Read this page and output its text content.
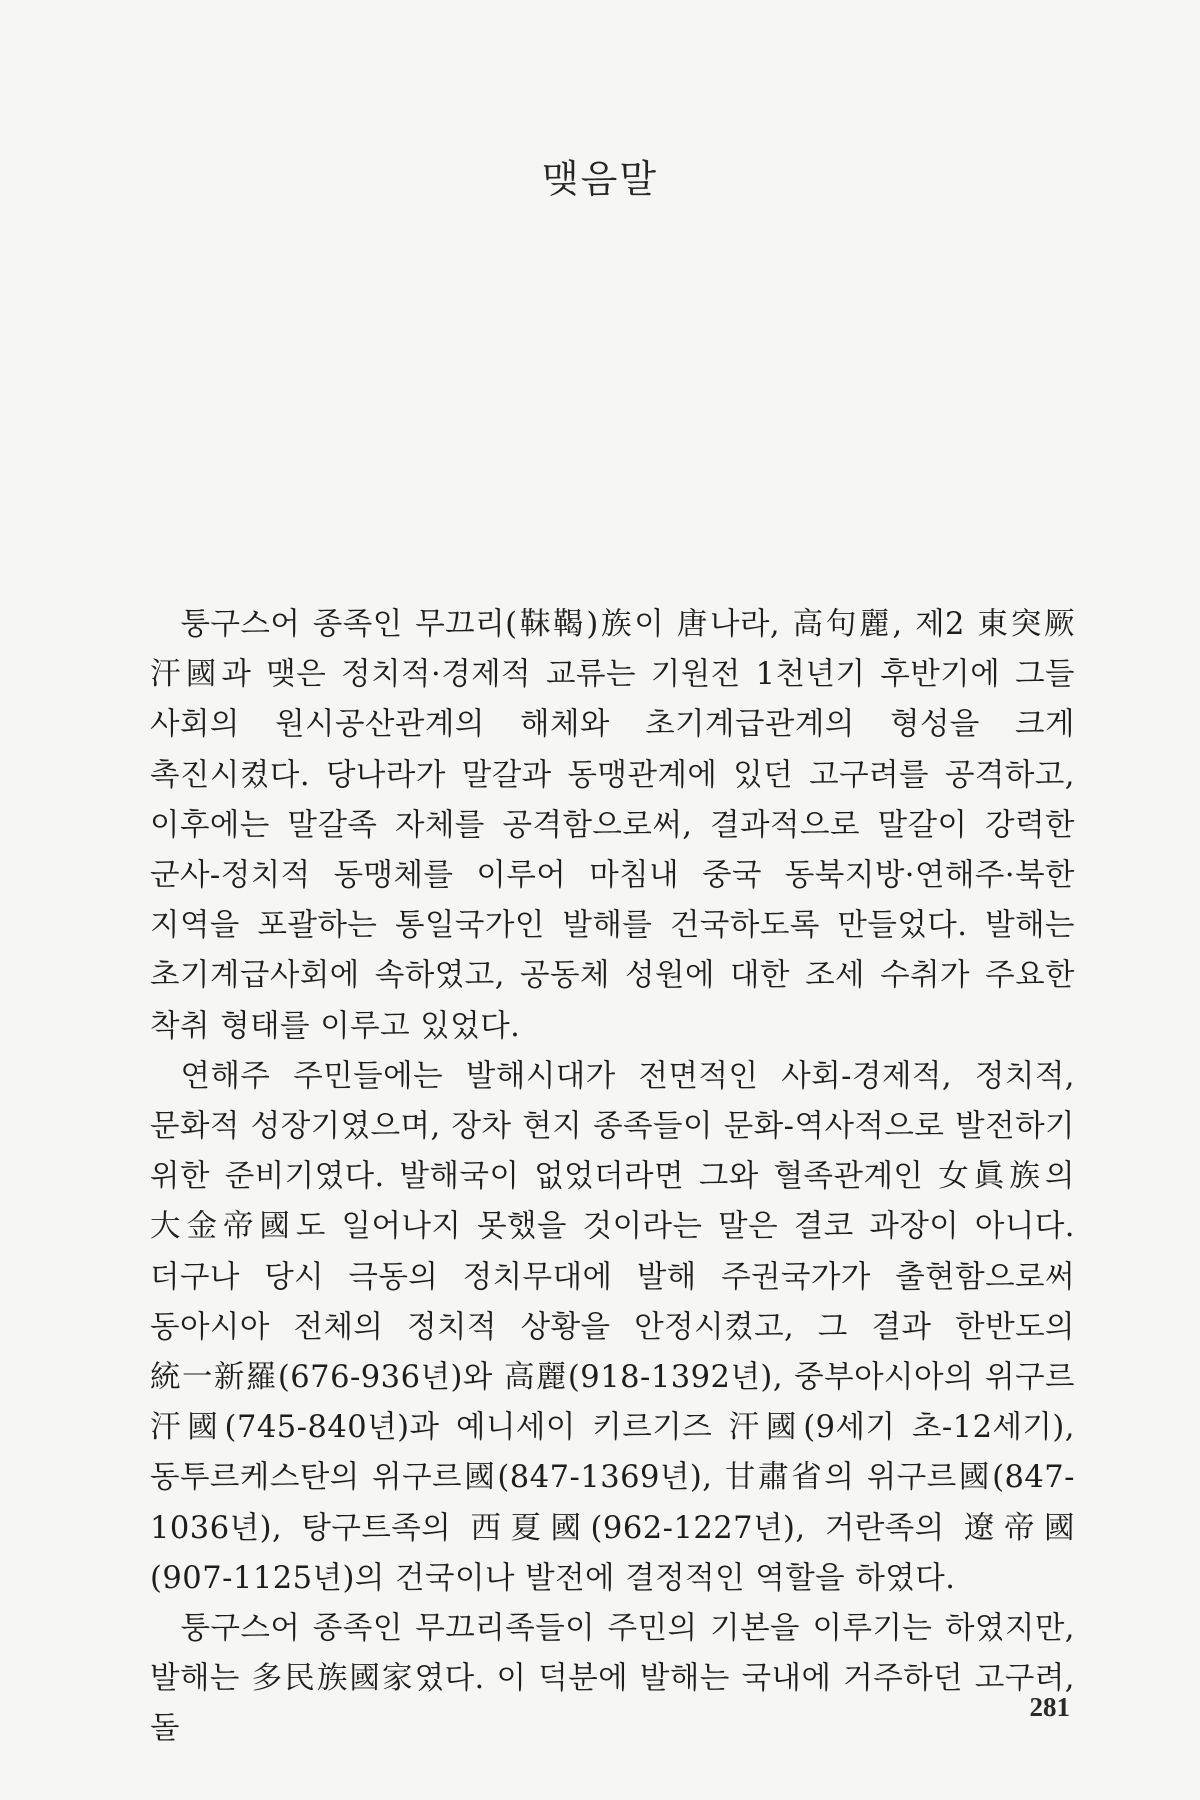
맺음말

퉁구스어 종족인 무끄리(靺鞨)族이 唐나라, 高句麗, 제2 東突厥 汗國과 맺은 정치적·경제적 교류는 기원전 1천년기 후반기에 그들 사회의 원시공산관계의 해체와 초기계급관계의 형성을 크게 촉진시켰다. 당나라가 말갈과 동맹관계에 있던 고구려를 공격하고, 이후에는 말갈족 자체를 공격함으로써, 결과적으로 말갈이 강력한 군사-정치적 동맹체를 이루어 마침내 중국 동북지방·연해주·북한 지역을 포괄하는 통일국가인 발해를 건국하도록 만들었다. 발해는 초기계급사회에 속하였고, 공동체 성원에 대한 조세 수취가 주요한 착취 형태를 이루고 있었다.

연해주 주민들에는 발해시대가 전면적인 사회-경제적, 정치적, 문화적 성장기였으며, 장차 현지 종족들이 문화-역사적으로 발전하기 위한 준비기였다. 발해국이 없었더라면 그와 혈족관계인 女眞族의 大金帝國도 일어나지 못했을 것이라는 말은 결코 과장이 아니다. 더구나 당시 극동의 정치무대에 발해 주권국가가 출현함으로써 동아시아 전체의 정치적 상황을 안정시켰고, 그 결과 한반도의 統一新羅(676-936년)와 高麗(918-1392년), 중부아시아의 위구르 汗國(745-840년)과 예니세이 키르기즈 汗國(9세기 초-12세기), 동투르케스탄의 위구르國(847-1369년), 甘肅省의 위구르國(847-1036년), 탕구트족의 西夏國(962-1227년), 거란족의 遼帝國(907-1125년)의 건국이나 발전에 결정적인 역할을 하였다.

퉁구스어 종족인 무끄리족들이 주민의 기본을 이루기는 하였지만, 발해는 多民族國家였다. 이 덕분에 발해는 국내에 거주하던 고구려, 돌

281
